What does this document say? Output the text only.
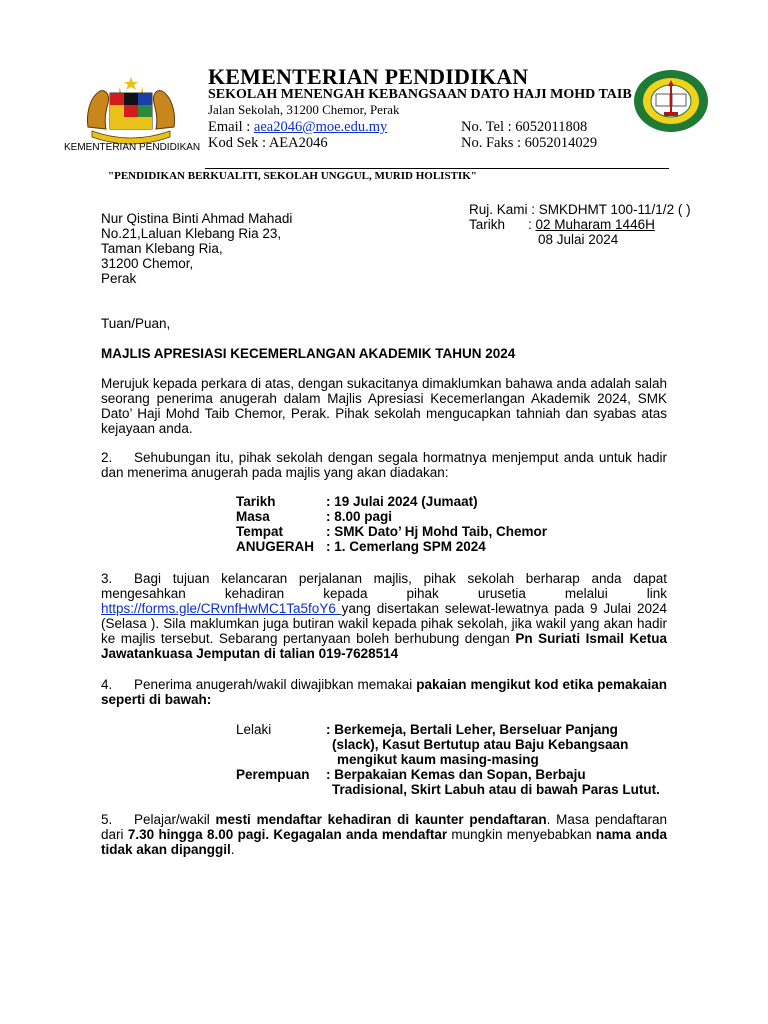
KEMENTERIAN PENDIDIKAN
KEMENTERIAN PENDIDIKAN
SEKOLAH MENENGAH KEBANGSAAN DATO HAJI MOHD TAIB
Jalan Sekolah, 31200 Chemor, Perak
Email : aea2046@moe.edu.my	No. Tel : 6052011808
Kod Sek : AEA2046	No. Faks : 6052014029
"PENDIDIKAN BERKUALITI, SEKOLAH UNGGUL, MURID HOLISTIK"
Nur Qistina Binti Ahmad Mahadi
No.21,Laluan Klebang Ria 23,
Taman Klebang Ria,
31200 Chemor,
Perak
Ruj. Kami : SMKDHMT 100-11/1/2 ( )
Tarikh : 02 Muharam 1446H
08 Julai 2024
Tuan/Puan,
MAJLIS APRESIASI KECEMERLANGAN AKADEMIK TAHUN 2024

Merujuk kepada perkara di atas, dengan sukacitanya dimaklumkan bahawa anda adalah salah seorang penerima anugerah dalam Majlis Apresiasi Kecemerlangan Akademik 2024, SMK Dato’ Haji Mohd Taib Chemor, Perak. Pihak sekolah mengucapkan tahniah dan syabas atas kejayaan anda.

2. Sehubungan itu, pihak sekolah dengan segala hormatnya menjemput anda untuk hadir dan menerima anugerah pada majlis yang akan diadakan:

Tarikh	: 19 Julai 2024 (Jumaat)
Masa	: 8.00 pagi
Tempat	: SMK Dato’ Hj Mohd Taib, Chemor
ANUGERAH : 1. Cemerlang SPM 2024

3. Bagi tujuan kelancaran perjalanan majlis, pihak sekolah berharap anda dapat mengesahkan kehadiran kepada pihak urusetia melalui link https://forms.gle/CRvnfHwMC1Ta5foY6 yang disertakan selewat-lewatnya pada 9 Julai 2024 (Selasa ). Sila maklumkan juga butiran wakil kepada pihak sekolah, jika wakil yang akan hadir ke majlis tersebut. Sebarang pertanyaan boleh berhubung dengan Pn Suriati Ismail Ketua Jawatankuasa Jemputan di talian 019-7628514

4. Penerima anugerah/wakil diwajibkan memakai pakaian mengikut kod etika pemakaian seperti di bawah:

Lelaki	: Berkemeja, Bertali Leher, Berseluar Panjang
(slack), Kasut Bertutup atau Baju Kebangsaan
mengikut kaum masing-masing
Perempuan : Berpakaian Kemas dan Sopan, Berbaju
Tradisional, Skirt Labuh atau di bawah Paras Lutut.

5. Pelajar/wakil mesti mendaftar kehadiran di kaunter pendaftaran. Masa pendaftaran dari 7.30 hingga 8.00 pagi. Kegagalan anda mendaftar mungkin menyebabkan nama anda tidak akan dipanggil.
